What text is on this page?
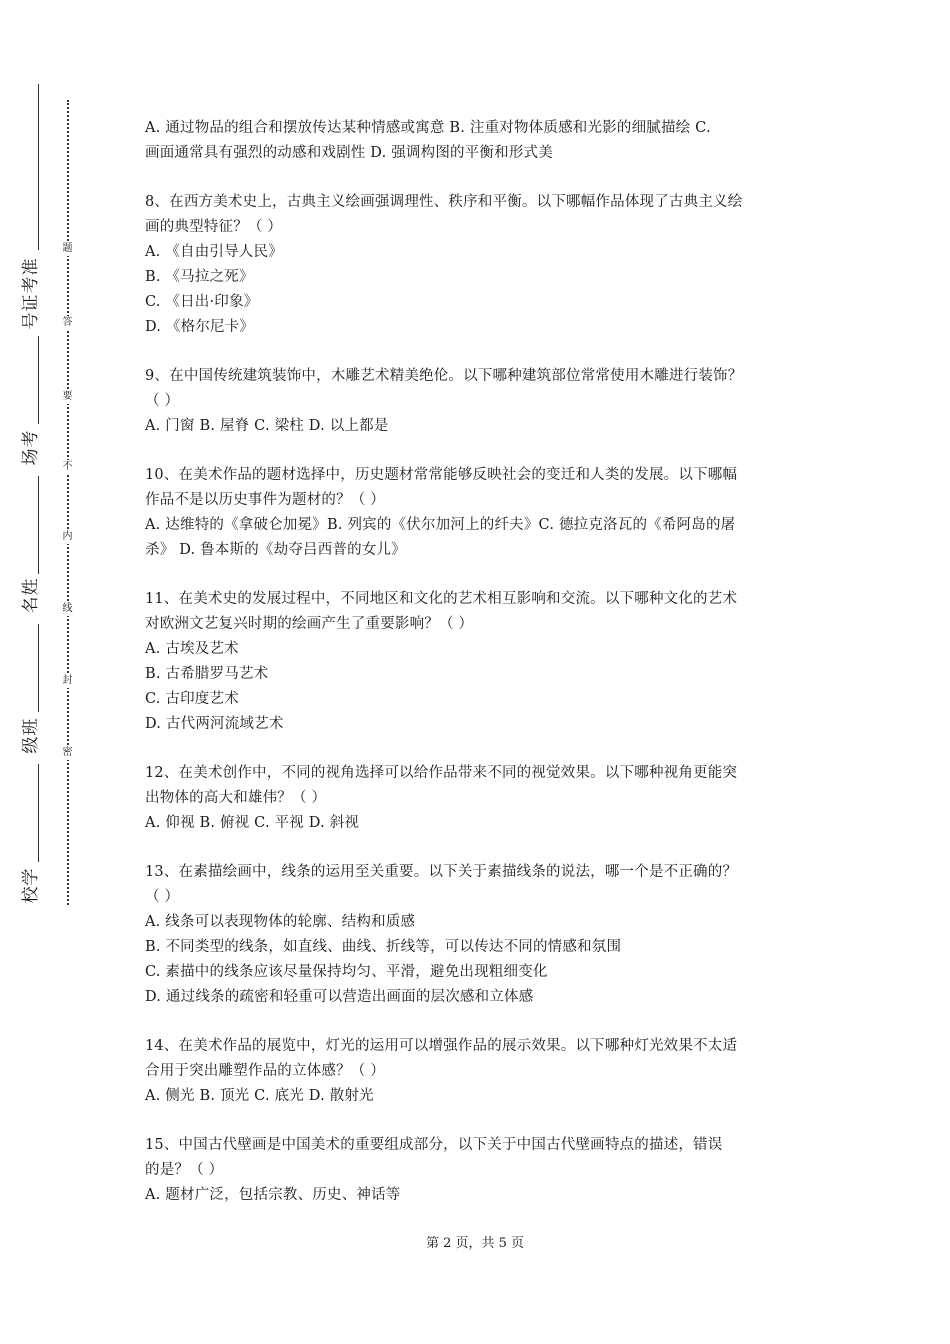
准
考
证
号
考
场
姓
名
班
级
学
校
题
答
要
不
内
线
封
密

A. 通过物品的组合和摆放传达某种情感或寓意 B. 注重对物体质感和光影的细腻描绘 C.

画面通常具有强烈的动感和戏剧性 D. 强调构图的平衡和形式美

8、在西方美术史上，古典主义绘画强调理性、秩序和平衡。以下哪幅作品体现了古典主义绘

画的典型特征？（ ）

A. 《自由引导人民》

B. 《马拉之死》

C. 《日出·印象》

D. 《格尔尼卡》

9、在中国传统建筑装饰中，木雕艺术精美绝伦。以下哪种建筑部位常常使用木雕进行装饰？

（ ）

A. 门窗 B. 屋脊 C. 梁柱 D. 以上都是

10、在美术作品的题材选择中，历史题材常常能够反映社会的变迁和人类的发展。以下哪幅

作品不是以历史事件为题材的？（ ）

A. 达维特的《拿破仑加冕》B. 列宾的《伏尔加河上的纤夫》C. 德拉克洛瓦的《希阿岛的屠

杀》 D. 鲁本斯的《劫夺吕西普的女儿》

11、在美术史的发展过程中，不同地区和文化的艺术相互影响和交流。以下哪种文化的艺术

对欧洲文艺复兴时期的绘画产生了重要影响？（ ）

A. 古埃及艺术

B. 古希腊罗马艺术

C. 古印度艺术

D. 古代两河流域艺术

12、在美术创作中，不同的视角选择可以给作品带来不同的视觉效果。以下哪种视角更能突

出物体的高大和雄伟？（ ）

A. 仰视 B. 俯视 C. 平视 D. 斜视

13、在素描绘画中，线条的运用至关重要。以下关于素描线条的说法，哪一个是不正确的？

（ ）

A. 线条可以表现物体的轮廓、结构和质感

B. 不同类型的线条，如直线、曲线、折线等，可以传达不同的情感和氛围

C. 素描中的线条应该尽量保持均匀、平滑，避免出现粗细变化

D. 通过线条的疏密和轻重可以营造出画面的层次感和立体感

14、在美术作品的展览中，灯光的运用可以增强作品的展示效果。以下哪种灯光效果不太适

合用于突出雕塑作品的立体感？（ ）

A. 侧光 B. 顶光 C. 底光 D. 散射光

15、中国古代壁画是中国美术的重要组成部分，以下关于中国古代壁画特点的描述，错误

的是？（ ）

A. 题材广泛，包括宗教、历史、神话等

第 2 页，共 5 页
